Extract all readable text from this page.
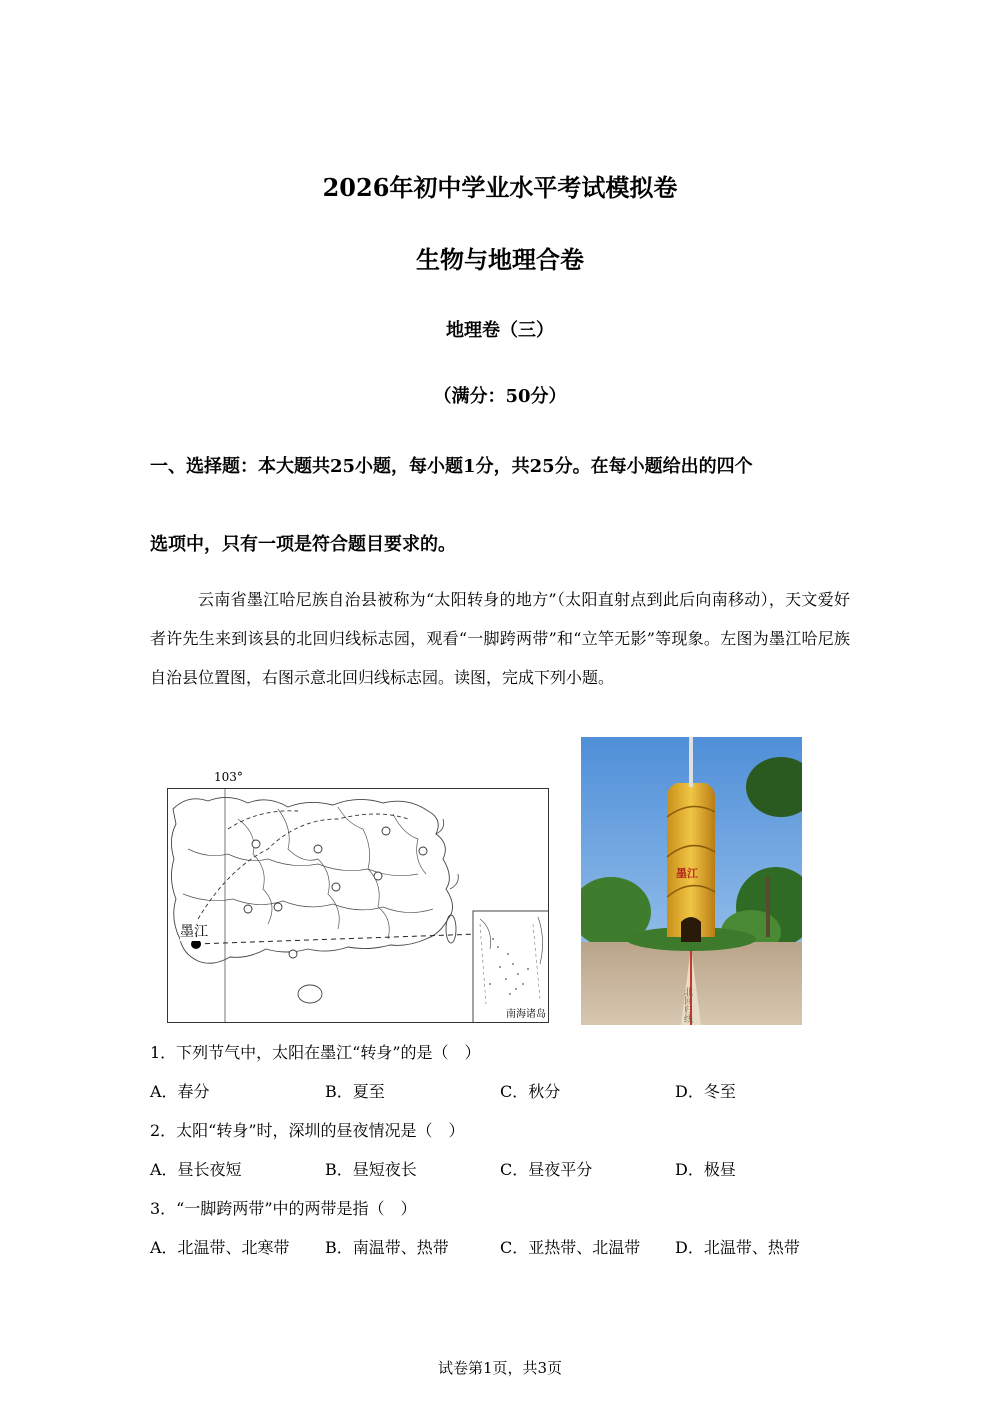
2026年初中学业水平考试模拟卷
生物与地理合卷
地理卷（三）
（满分：50分）
一、选择题：本大题共25小题，每小题1分，共25分。在每小题给出的四个
选项中，只有一项是符合题目要求的。
云南省墨江哈尼族自治县被称为“太阳转身的地方”（太阳直射点到此后向南移动），天文爱好者许先生来到该县的北回归线标志园，观看“一脚跨两带”和“立竿无影”等现象。左图为墨江哈尼族自治县位置图，右图示意北回归线标志园。读图，完成下列小题。
103°
墨江
南海诸岛
墨江
北回归线
1．下列节气中，太阳在墨江“转身”的是（　）
A．春分	B．夏至	C．秋分	D．冬至
2．太阳“转身”时，深圳的昼夜情况是（　）
A．昼长夜短	B．昼短夜长	C．昼夜平分	D．极昼
3．“一脚跨两带”中的两带是指（　）
A．北温带、北寒带	B．南温带、热带	C．亚热带、北温带	D．北温带、热带
试卷第1页，共3页
